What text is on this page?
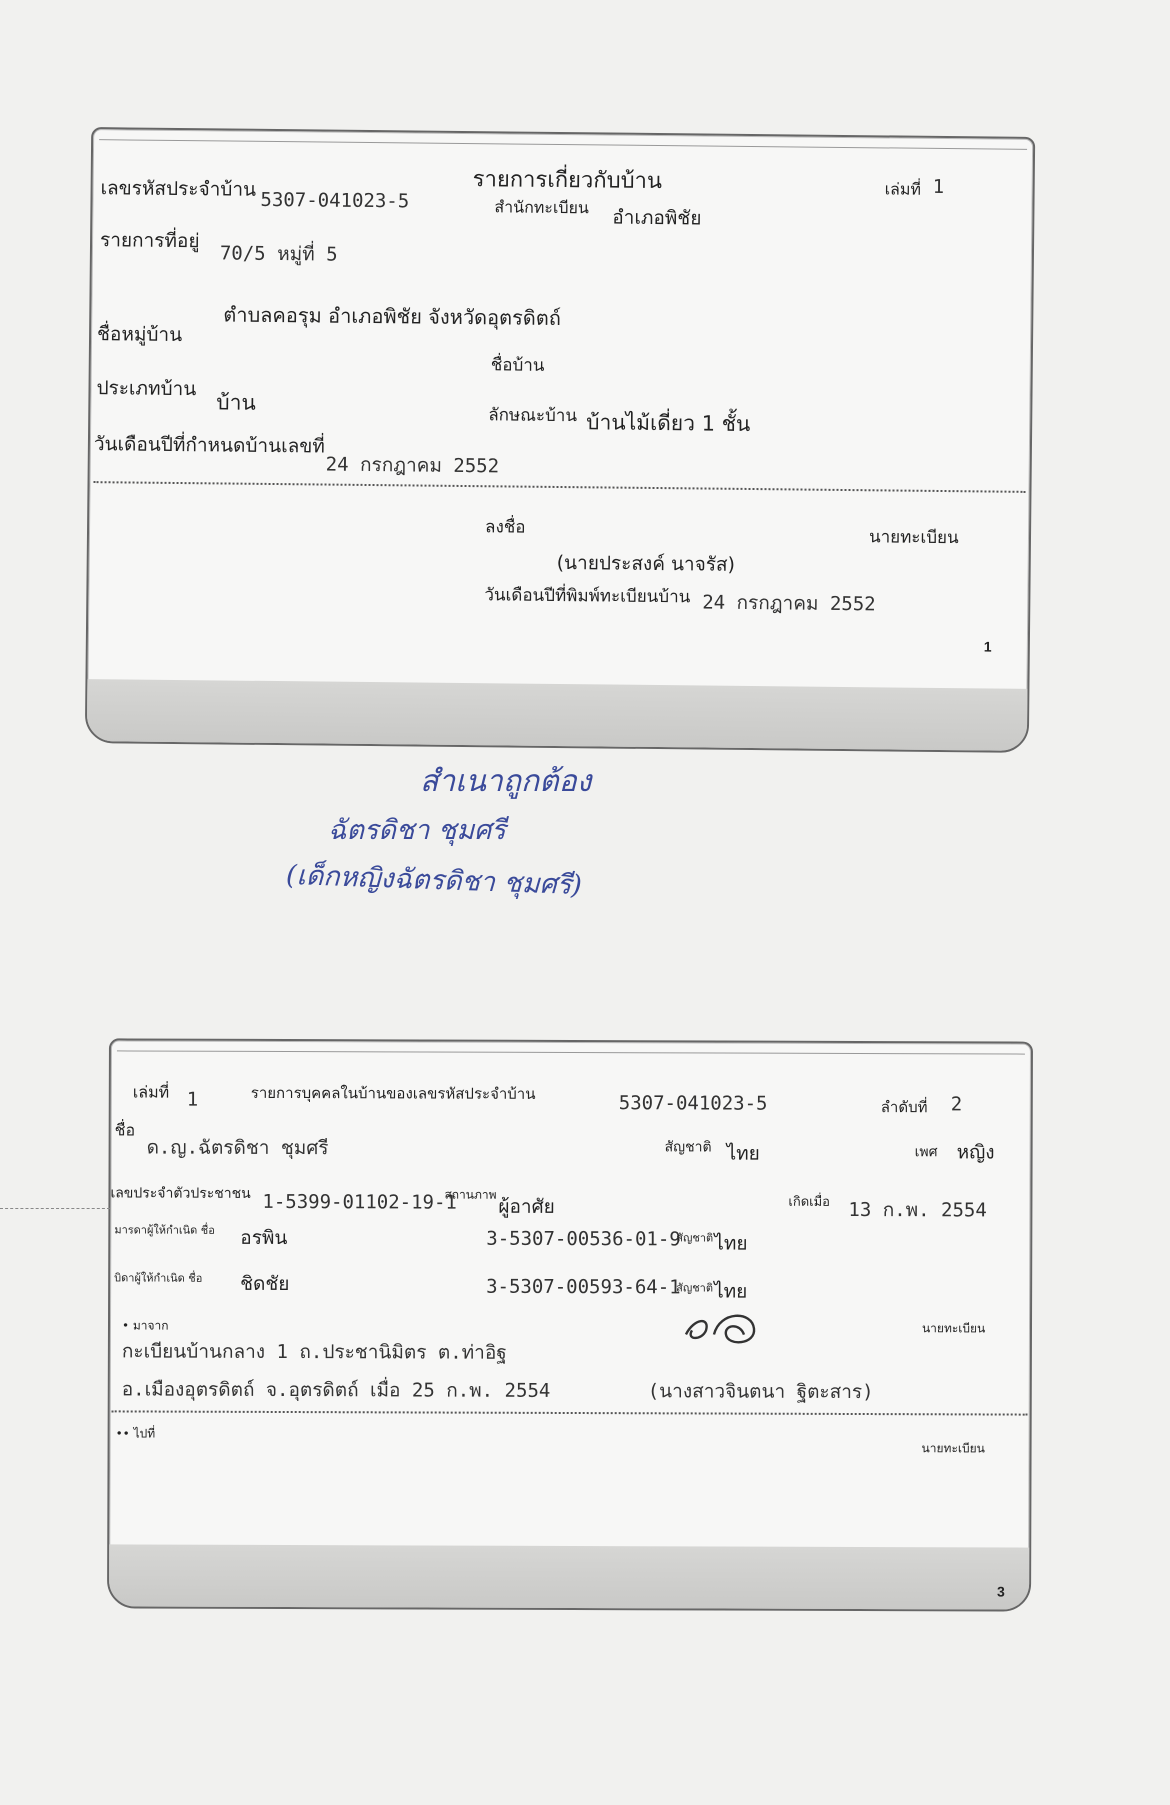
รายการเกี่ยวกับบ้าน
เลขรหัสประจำบ้าน 5307-041023-5	สำนักทะเบียน อำเภอพิชัย
เล่มที่ 1
รายการที่อยู่
70/5 หมู่ที่ 5
ตำบลคอรุม อำเภอพิชัย จังหวัดอุตรดิตถ์
ชื่อหมู่บ้าน
ชื่อบ้าน
ประเภทบ้าน
บ้าน
ลักษณะบ้าน บ้านไม้เดี่ยว 1 ชั้น
วันเดือนปีที่กำหนดบ้านเลขที่
24 กรกฎาคม 2552
ลงชื่อ	นายทะเบียน
(นายประสงค์ นาจรัส)
วันเดือนปีที่พิมพ์ทะเบียนบ้าน 24 กรกฎาคม 2552
1
สำเนาถูกต้อง
ฉัตรดิชา ชุมศรี
(เด็กหญิงฉัตรดิชา ชุมศรี)
เล่มที่ 1	รายการบุคคลในบ้านของเลขรหัสประจำบ้าน	5307-041023-5	ลำดับที่ 2
ชื่อ
ด.ญ.ฉัตรดิชา ชุมศรี	สัญชาติ ไทย	เพศ หญิง
เลขประจำตัวประชาชน 1-5399-01102-19-1
สถานภาพ
ผู้อาศัย	เกิดเมื่อ 13 ก.พ. 2554
มารดาผู้ให้กำเนิด ชื่อ อรพิน	3-5307-00536-01-9
สัญชาติ ไทย
บิดาผู้ให้กำเนิด ชื่อ ชิดชัย	3-5307-00593-64-1
สัญชาติ ไทย
• มาจาก
กะเบียนบ้านกลาง 1 ถ.ประชานิมิตร ต.ท่าอิฐ
อ.เมืองอุตรดิตถ์ จ.อุตรดิตถ์ เมื่อ 25 ก.พ. 2554
นายทะเบียน
(นางสาวจินตนา ฐิตะสาร)
•• ไปที่
นายทะเบียน
3
